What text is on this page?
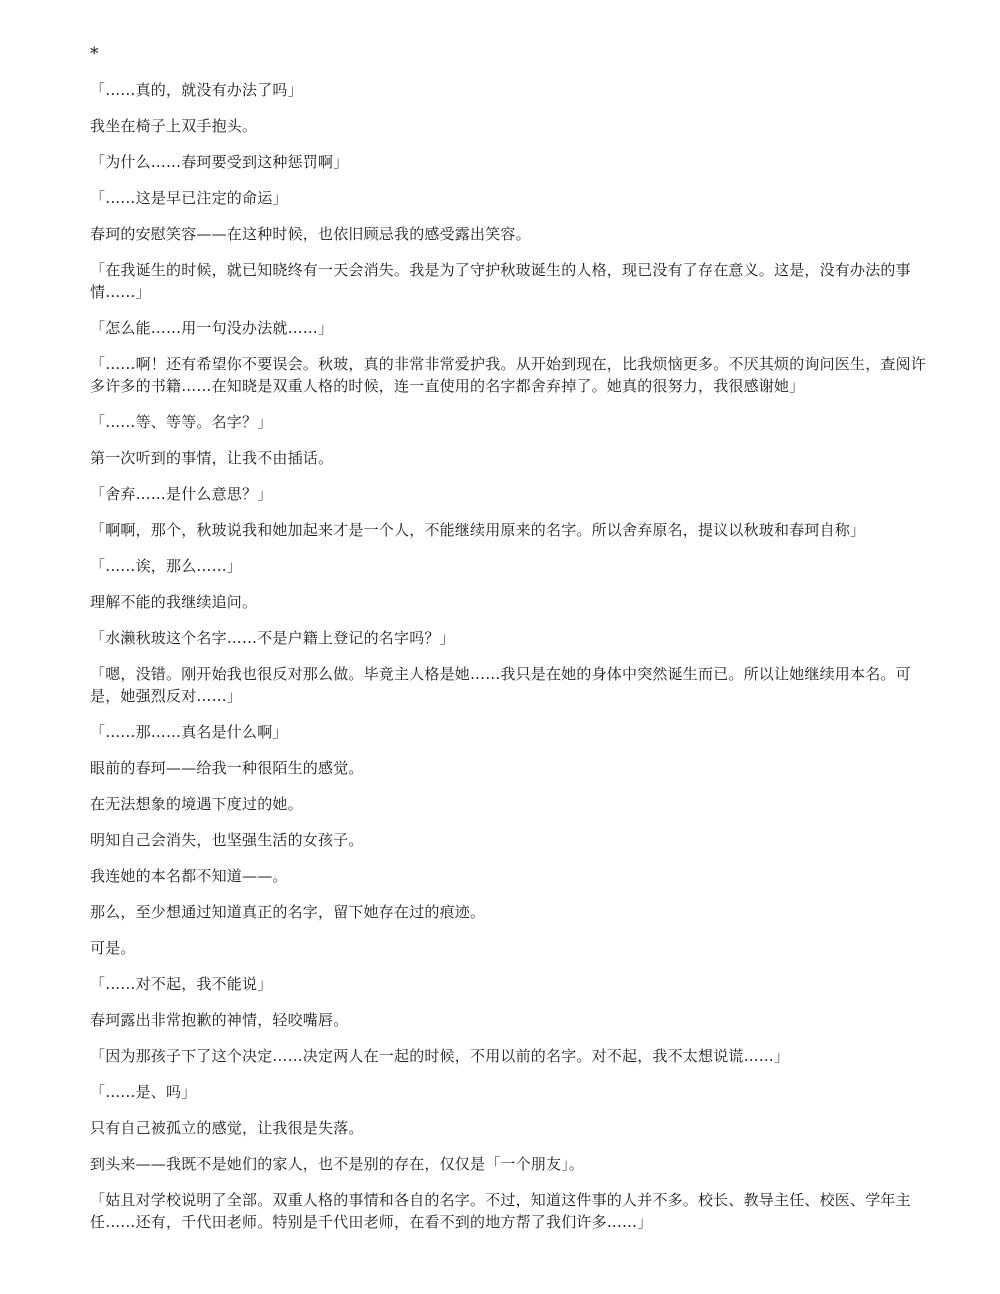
*

「……真的，就没有办法了吗」

我坐在椅子上双手抱头。

「为什么……春珂要受到这种惩罚啊」

「……这是早已注定的命运」

春珂的安慰笑容——在这种时候，也依旧顾忌我的感受露出笑容。

「在我诞生的时候，就已知晓终有一天会消失。我是为了守护秋玻诞生的人格，现已没有了存在意义。这是，没有办法的事情……」

「怎么能……用一句没办法就……」

「……啊！还有希望你不要误会。秋玻，真的非常非常爱护我。从开始到现在，比我烦恼更多。不厌其烦的询问医生，查阅许多许多的书籍……在知晓是双重人格的时候，连一直使用的名字都舍弃掉了。她真的很努力，我很感谢她」

「……等、等等。名字？」

第一次听到的事情，让我不由插话。

「舍弃……是什么意思？」

「啊啊，那个，秋玻说我和她加起来才是一个人，不能继续用原来的名字。所以舍弃原名，提议以秋玻和春珂自称」

「……诶，那么……」

理解不能的我继续追问。

「水濑秋玻这个名字……不是户籍上登记的名字吗？」

「嗯，没错。刚开始我也很反对那么做。毕竟主人格是她……我只是在她的身体中突然诞生而已。所以让她继续用本名。可是，她强烈反对……」

「……那……真名是什么啊」

眼前的春珂——给我一种很陌生的感觉。

在无法想象的境遇下度过的她。

明知自己会消失，也坚强生活的女孩子。

我连她的本名都不知道——。

那么，至少想通过知道真正的名字，留下她存在过的痕迹。

可是。

「……对不起，我不能说」

春珂露出非常抱歉的神情，轻咬嘴唇。

「因为那孩子下了这个决定……决定两人在一起的时候，不用以前的名字。对不起，我不太想说谎……」

「……是、吗」

只有自己被孤立的感觉，让我很是失落。

到头来——我既不是她们的家人，也不是别的存在，仅仅是「一个朋友」。

「姑且对学校说明了全部。双重人格的事情和各自的名字。不过，知道这件事的人并不多。校长、教导主任、校医、学年主任……还有，千代田老师。特别是千代田老师，在看不到的地方帮了我们许多……」
